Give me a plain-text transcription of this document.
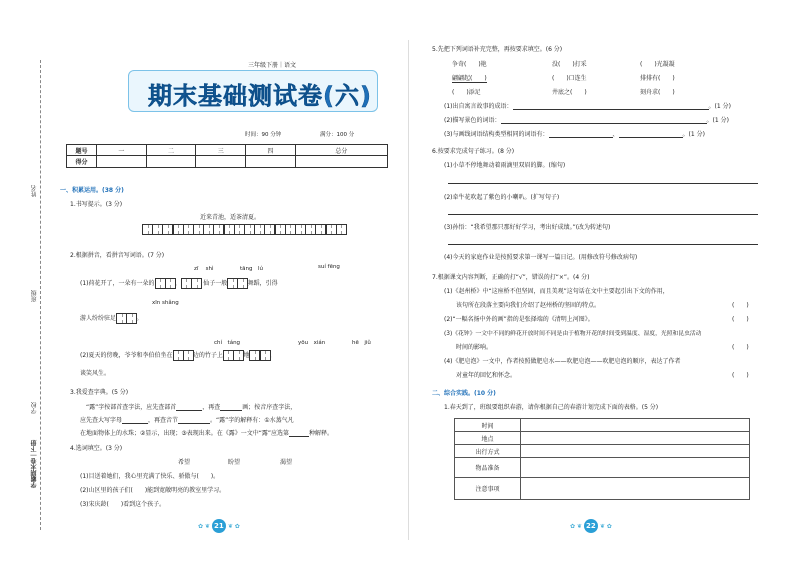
姓名
班级
学校
学霸期末卷｜下册
三年级下册｜语文
期末基础测试卷(六)
时间：90 分钟	满分：100 分
题号	一	二	三	四	总分
得分					
一、积累运用。(38 分)
1.书写提示。(3 分)
近来青池，适茶清夏。
2.根据拼音，看拼音写词语。(7 分)
zī　 shì	tāng　lú	suí fēng
(1)荷花开了，一朵有一朵的	，	仙子一般	舞蹈，引得
xīn shǎng
游人纷纷驻足	。
chí　táng	yōu　xián	hē　jiǔ
(2)夏天的傍晚，爷爷和李伯伯坐在	边的竹子上	地	，
谈笑风生。
3.我爱查字典。(5 分)
“露”字按部首查字法，应先查部首	，再查	画；按音序查字法，
应先查大写字母	，再查音节	。“露”字的解释有：①水蒸气凡
在地面物体上的水珠；②显示，出现；③表现出来。在《露》一文中“露”应选第	种解释。
4.选词填空。(3 分)
希望	盼望	渴望
(1)目送着她们，我心里充满了快乐、骄傲与(　　)。
(2)山区里的孩子们(　　)能到宽敞明亮的教室里学习。
(3)宋庆龄(　　)看到这个孩子。
✿ ❦ 21 ❦ ✿
5.先把下列词语补充完整，再按要求填空。(6 分)
争奇(　　)艳	没(　　)打采	(　　)光凝凝
翩翩起(　　)	(　　)口连生	排排有(　　)
(　　)添足	井底之(　　)	刻舟求(　　)
(1)出自寓言故事的成语：	。(1 分)
(2)描写景色的词语：	。(1 分)
(3)与画线词语结构类型相同的词语有：	、	。(1 分)
6.按要求完成句子练习。(8 分)
(1)小草不停地舞动着雨滴里双眉的脚。(缩句)
(2)牵牛花吹起了紫色的小喇叭。(扩写句子)
(3)孙悟：“我希望那只那好好学习，考出好成绩。”(改为转述句)
(4)今天的家庭作业是按照要求第一课写一篇日记。(用修改符号修改病句)
7.根据课文内容判断，正确的打“√”，错误的打“×”。(4 分)
(1)《赵州桥》中“这座桥不但坚固，而且美观”这句话在文中主要起引出下文的作用，
该句所在段落主要向我们介绍了赵州桥的坚固的特点。	(　　)
(2)“一幅名扬中外的画”指的是张择端的《清明上河图》。	(　　)
(3)《花钟》一文中不同的鲜花开放时间不同是由于植物开花的时间受到温度、湿度，光照和昆虫活动
时间的影响。	(　　)
(4)《肥皂泡》一文中，作者按照做肥皂水——吹肥皂泡——吹肥皂泡的顺序，表达了作者
对童年的回忆和怀念。	(　　)
二、综合实践。(10 分)
1.春天到了，班级要组织春游，请你根据自己的春游计划完成下面的表格。(5 分)
时间	
地点	
出行方式	
物品准备	
注意事项	
✿ ❦ 22 ❦ ✿
